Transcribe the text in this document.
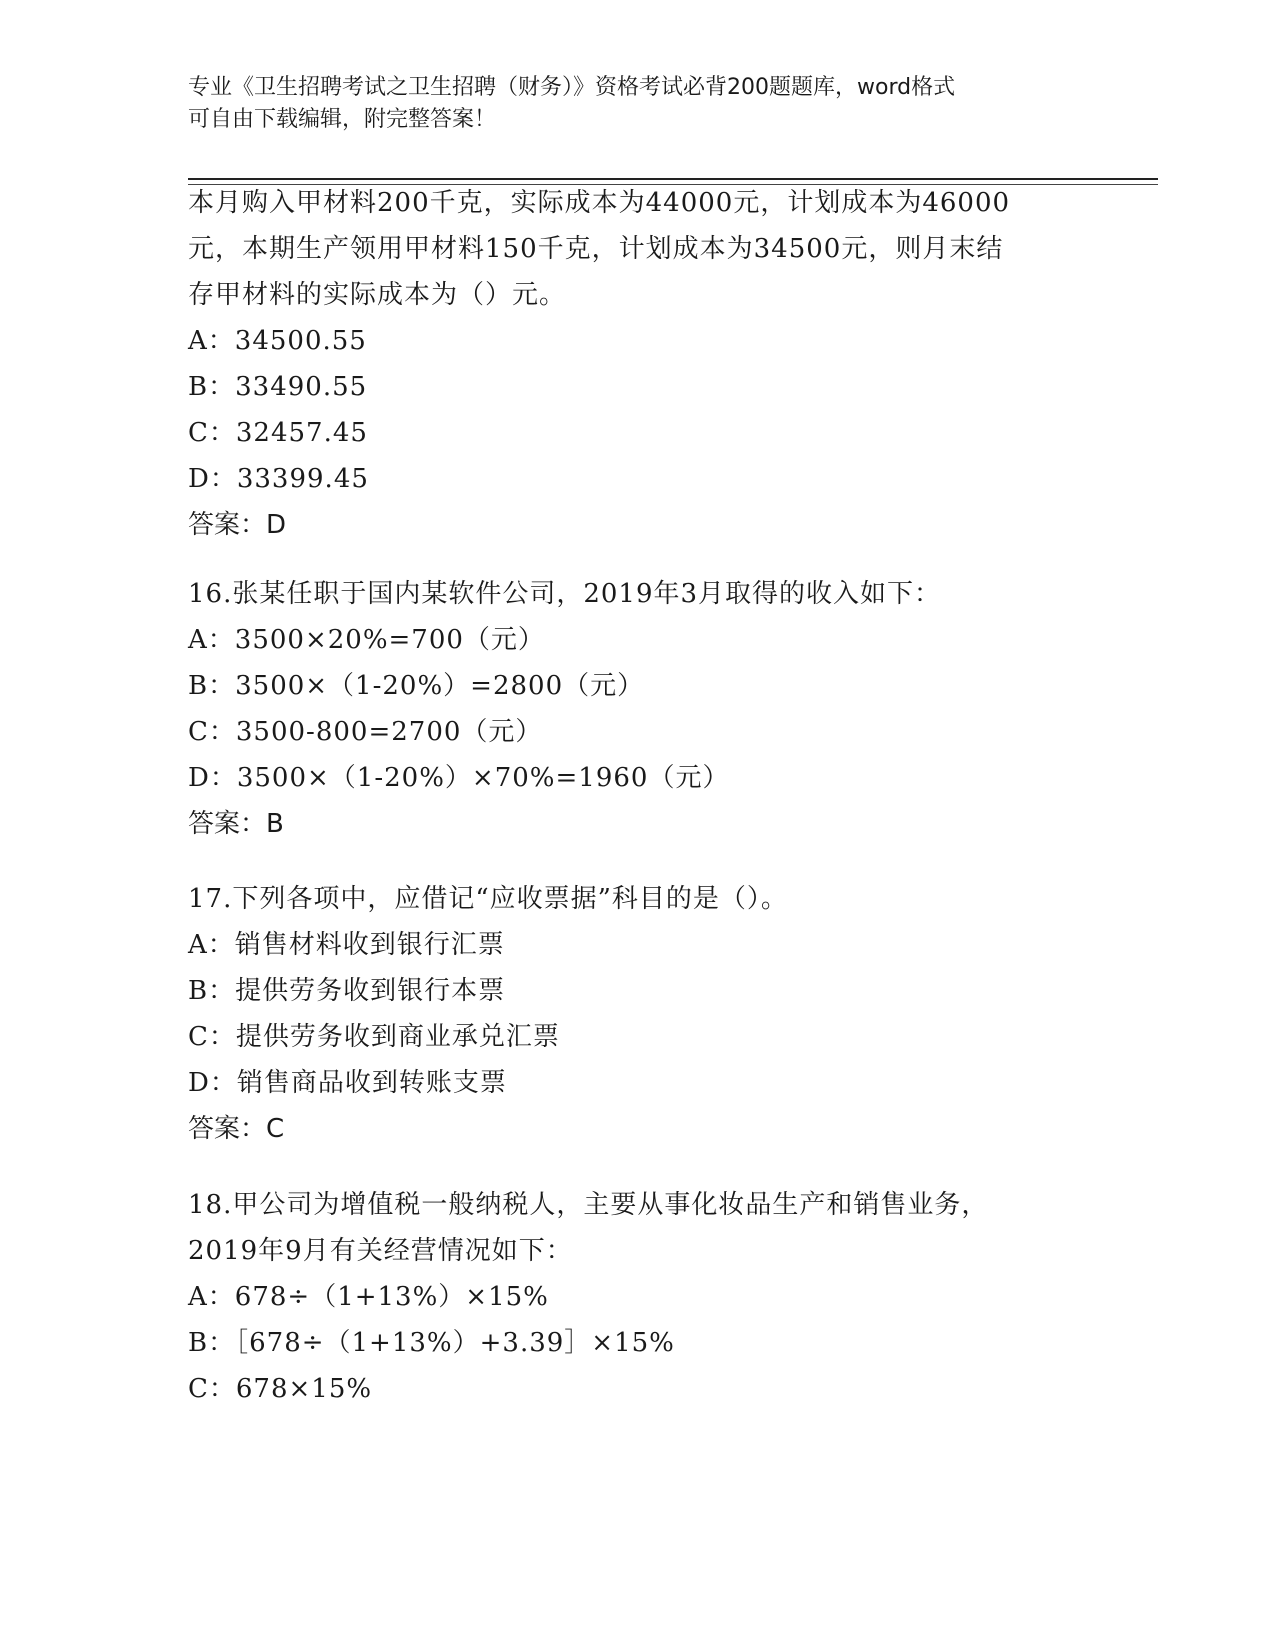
专业《卫生招聘考试之卫生招聘（财务）》资格考试必背200题题库，word格式
可自由下载编辑，附完整答案！

本月购入甲材料200千克，实际成本为44000元，计划成本为46000

元，本期生产领用甲材料150千克，计划成本为34500元，则月末结

存甲材料的实际成本为（）元。

A：34500.55

B：33490.55

C：32457.45

D：33399.45

答案：D

16.张某任职于国内某软件公司，2019年3月取得的收入如下：

A：3500×20%=700（元）

B：3500×（1-20%）=2800（元）

C：3500-800=2700（元）

D：3500×（1-20%）×70%=1960（元）

答案：B

17.下列各项中，应借记“应收票据”科目的是（）。

A：销售材料收到银行汇票

B：提供劳务收到银行本票

C：提供劳务收到商业承兑汇票

D：销售商品收到转账支票

答案：C

18.甲公司为增值税一般纳税人，主要从事化妆品生产和销售业务，

2019年9月有关经营情况如下：

A：678÷（1+13%）×15%

B：［678÷（1+13%）+3.39］×15%

C：678×15%
